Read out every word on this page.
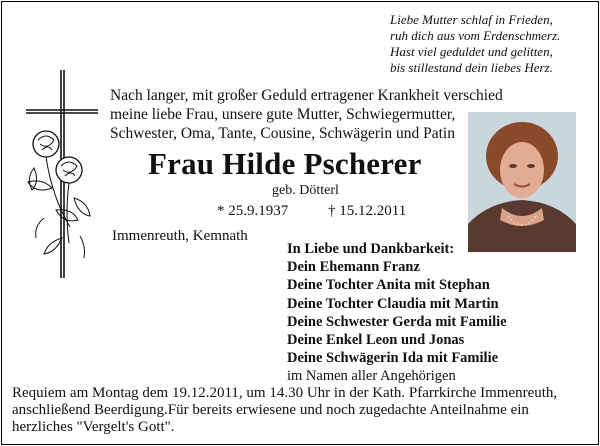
Liebe Mutter schlaf in Frieden,
ruh dich aus vom Erdenschmerz.
Hast viel geduldet und gelitten,
bis stillestand dein liebes Herz.
Nach langer, mit großer Geduld ertragener Krankheit verschied
meine liebe Frau, unsere gute Mutter, Schwiegermutter,
Schwester, Oma, Tante, Cousine, Schwägerin und Patin
Frau Hilde Pscherer
geb. Dötterl
* 25.9.1937	† 15.12.2011
Immenreuth, Kemnath
In Liebe und Dankbarkeit:
Dein Ehemann Franz
Deine Tochter Anita mit Stephan
Deine Tochter Claudia mit Martin
Deine Schwester Gerda mit Familie
Deine Enkel Leon und Jonas
Deine Schwägerin Ida mit Familie
im Namen aller Angehörigen
Requiem am Montag dem 19.12.2011, um 14.30 Uhr in der Kath. Pfarrkirche Immenreuth,
anschließend Beerdigung.Für bereits erwiesene und noch zugedachte Anteilnahme ein
herzliches "Vergelt's Gott".
